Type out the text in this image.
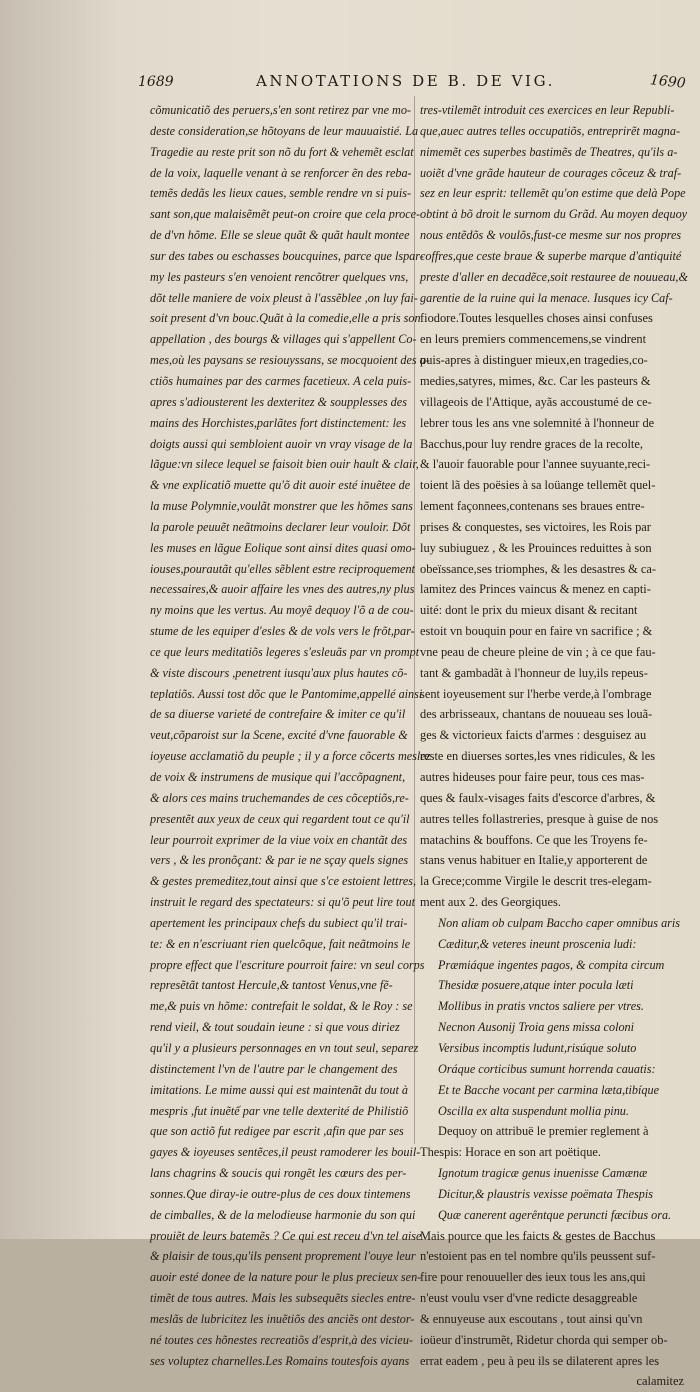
1689	ANNOTATIONS DE B. DE VIG.	1690
cõmunicatiõ des peruers,s'en sont retirez par vne mo-
deste consideration,se hõtoyans de leur mauuaistié. La
Tragedie au reste prit son nõ du fort & vehemẽt esclat
de la voix, laquelle venant à se renforcer ẽn des reba-
temẽs dedãs les lieux caues, semble rendre vn si puis-
sant son,que malaisẽmẽt peut-on croire que cela proce-
de d'vn hõme. Elle se sleue quãt & quãt hault montee
sur des tabes ou eschasses boucquines, parce que lspar-
my les pasteurs s'en venoient rencõtrer quelques vns,
dõt telle maniere de voix pleust à l'assẽblee ,on luy fai-
soit present d'vn bouc.Quãt à la comedie,elle a pris son
appellation , des bourgs & villages qui s'appellent Co-
mes,où les paysans se resiouyssans, se mocquoient des a-
ctiõs humaines par des carmes facetieux. A cela puis-
apres s'adiousterent les dexteritez & soupplesses des
mains des Horchistes,parlãtes fort distinctement: les
doigts aussi qui sembloient auoir vn vray visage de la
lãgue:vn silece lequel se faisoit bien ouir hault & clair,
& vne explicatiõ muette qu'õ dit auoir esté inuẽtee de
la muse Polymnie,voulãt monstrer que les hõmes sans
la parole peuuẽt neãtmoins declarer leur vouloir. Dõt
les muses en lãgue Eolique sont ainsi dites quasi omo-
iouses,pourautãt qu'elles sẽblent estre reciproquement
necessaires,& auoir affaire les vnes des autres,ny plus
ny moins que les vertus. Au moyẽ dequoy l'õ a de cou-
stume de les equiper d'esles & de vols vers le frõt,par-
ce que leurs meditatiõs legeres s'esleuãs par vn prompt
& viste discours ,penetrent iusqu'aux plus hautes cõ-
teplatiõs. Aussi tost dõc que le Pantomime,appellé ainsi
de sa diuerse varieté de contrefaire & imiter ce qu'il
veut,cõparoist sur la Scene, excité d'vne fauorable &
ioyeuse acclamatiõ du peuple ; il y a force cõcerts meslez
de voix & instrumens de musique qui l'accõpagnent,
& alors ces mains truchemandes de ces cõceptiõs,re-
presentẽt aux yeux de ceux qui regardent tout ce qu'il
leur pourroit exprimer de la viue voix en chantãt des
vers , & les pronõçant: & par ie ne sçay quels signes
& gestes premeditez,tout ainsi que s'ce estoient lettres,
instruit le regard des spectateurs: si qu'õ peut lire tout
apertement les principaux chefs du subiect qu'il trai-
te: & en n'escriuant rien quelcõque, fait neãtmoins le
propre effect que l'escriture pourroit faire: vn seul corps
represẽtãt tantost Hercule,& tantost Venus,vne fẽ-
me,& puis vn hõme: contrefait le soldat, & le Roy : se
rend vieil, & tout soudain ieune : si que vous diriez
qu'il y a plusieurs personnages en vn tout seul, separez
distinctement l'vn de l'autre par le changement des
imitations. Le mime aussi qui est maintenãt du tout à
mespris ,fut inuẽtế par vne telle dexterité de Philistiõ
que son actiõ fut redigee par escrit ,afin que par ses
gayes & ioyeuses sentẽces,il peust ramoderer les bouil-
lans chagrins & soucis qui rongẽt les cœurs des per-
sonnes.Que diray-ie outre-plus de ces doux tintemens
de cimballes, & de la melodieuse harmonie du son qui
prouiẽt de leurs batemẽs ? Ce qui est receu d'vn tel aise
& plaisir de tous,qu'ils pensent proprement l'ouye leur
auoir esté donee de la nature pour le plus precieux sen-
timẽt de tous autres. Mais les subsequẽts siecles entre-
meslãs de lubricitez les inuẽtiõs des anciẽs ont destor-
né toutes ces hõnestes recreatiõs d'esprit,à des vicieu-
ses voluptez charnelles.Les Romains toutesfois ayans
tres-vtilemẽt introduit ces exercices en leur Republi-
que,auec autres telles occupatiõs, entreprirẽt magna-
nimemẽt ces superbes bastimẽs de Theatres, qu'ils a-
uoiẽt d'vne grãde hauteur de courages cõceuz & traf-
sez en leur esprit: tellemẽt qu'on estime que delà Pope
obtint à bõ droit le surnom du Grãd. Au moyen dequoy
nous entẽdõs & voulõs,fust-ce mesme sur nos propres
coffres,que ceste braue & superbe marque d'antiquité
preste d'aller en decadẽce,soit restauree de nouueau,&
garentie de la ruine qui la menace. Iusques icy Caf-
fiodore.Toutes lesquelles choses ainsi confuses
en leurs premiers commencemens,se vindrent
puis-apres à distinguer mieux,en tragedies,co-
medies,satyres, mimes, &c. Car les pasteurs &
villageois de l'Attique, ayãs accoustumé de ce-
lebrer tous les ans vne solemnité à l'honneur de
Bacchus,pour luy rendre graces de la recolte,
& l'auoir fauorable pour l'annee suyuante,reci-
toient lã des poësies à sa loüange tellemẽt quel-
lement façonnees,contenans ses braues entre-
prises & conquestes, ses victoires, les Rois par
luy subiuguez , & les Prouinces reduittes à son
obeïssance,ses triomphes, & les desastres & ca-
lamitez des Princes vaincus & menez en capti-
uité: dont le prix du mieux disant & recitant
estoit vn bouquin pour en faire vn sacrifice ; &
vne peau de cheure pleine de vin ; à ce que fau-
tant & gambadãt à l'honneur de luy,ils repeus-
sent ioyeusement sur l'herbe verde,à l'ombrage
des arbrisseaux, chantans de nouueau ses louã-
ges & victorieux faicts d'armes : desguisez au
reste en diuerses sortes,les vnes ridicules, & les
autres hideuses pour faire peur, tous ces mas-
ques & faulx-visages faits d'escorce d'arbres, &
autres telles follastreries, presque à guise de nos
matachins & bouffons. Ce que les Troyens fe-
stans venus habituer en Italie,y apporterent de
la Grece;comme Virgile le descrit tres-elegam-
ment aux 2. des Georgiques.
Non aliam ob culpam Baccho caper omnibus aris
Cæditur,& veteres ineunt proscenia ludi:
Præmiáque ingentes pagos, & compita circum
Thesidæ posuere,atque inter pocula læti
Mollibus in pratis vnctos saliere per vtres.
Necnon Ausonij Troia gens missa coloni
Versibus incomptis ludunt,risúque soluto
Oráque corticibus sumunt horrenda cauatis:
Et te Bacche vocant per carmina læta,tibíque
Oscilla ex alta suspendunt mollia pinu.
Dequoy on attribuë le premier reglement à
Thespis: Horace en son art poëtique.
Ignotum tragicæ genus inuenisse Camænæ
Dicitur,& plaustris vexisse poëmata Thespis
Quæ canerent agerêntque peruncti fæcibus ora.
Mais pource que les faicts & gestes de Bacchus
n'estoient pas en tel nombre qu'ils peussent suf-
fire pour renouueller des ieux tous les ans,qui
n'eust voulu vser d'vne redicte desaggreable
& ennuyeuse aux escoutans , tout ainsi qu'vn
ioüeur d'instrumẽt, Ridetur chorda qui semper ob-
errat eadem , peu à peu ils se dilaterent apres les
calamitez
